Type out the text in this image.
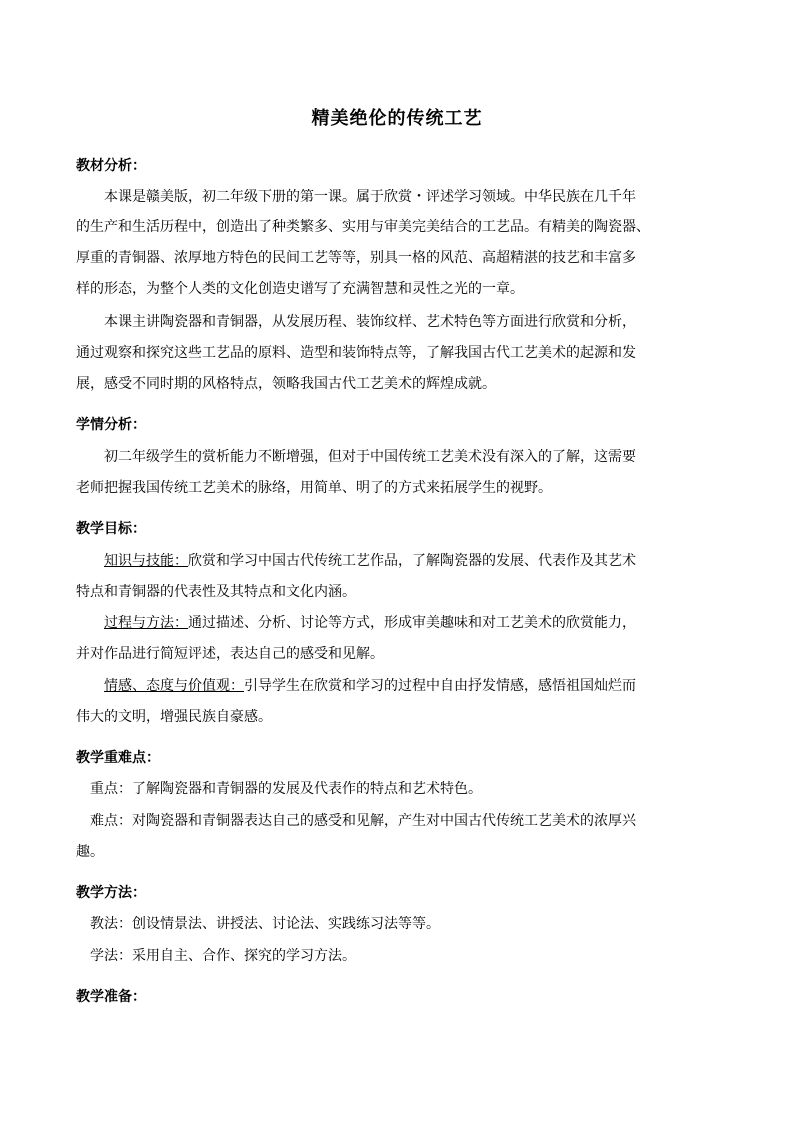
精美绝伦的传统工艺
教材分析：
本课是赣美版，初二年级下册的第一课。属于欣赏・评述学习领域。中华民族在几千年
的生产和生活历程中，创造出了种类繁多、实用与审美完美结合的工艺品。有精美的陶瓷器、
厚重的青铜器、浓厚地方特色的民间工艺等等，别具一格的风范、高超精湛的技艺和丰富多
样的形态，为整个人类的文化创造史谱写了充满智慧和灵性之光的一章。
本课主讲陶瓷器和青铜器，从发展历程、装饰纹样、艺术特色等方面进行欣赏和分析，
通过观察和探究这些工艺品的原料、造型和装饰特点等，了解我国古代工艺美术的起源和发
展，感受不同时期的风格特点，领略我国古代工艺美术的辉煌成就。
学情分析：
初二年级学生的赏析能力不断增强，但对于中国传统工艺美术没有深入的了解，这需要
老师把握我国传统工艺美术的脉络，用简单、明了的方式来拓展学生的视野。
教学目标：
知识与技能：欣赏和学习中国古代传统工艺作品，了解陶瓷器的发展、代表作及其艺术
特点和青铜器的代表性及其特点和文化内涵。
过程与方法：通过描述、分析、讨论等方式，形成审美趣味和对工艺美术的欣赏能力，
并对作品进行简短评述，表达自己的感受和见解。
情感、态度与价值观：引导学生在欣赏和学习的过程中自由抒发情感，感悟祖国灿烂而
伟大的文明，增强民族自豪感。
教学重难点：
重点：了解陶瓷器和青铜器的发展及代表作的特点和艺术特色。
难点：对陶瓷器和青铜器表达自己的感受和见解，产生对中国古代传统工艺美术的浓厚兴
趣。
教学方法：
教法：创设情景法、讲授法、讨论法、实践练习法等等。
学法：采用自主、合作、探究的学习方法。
教学准备：
